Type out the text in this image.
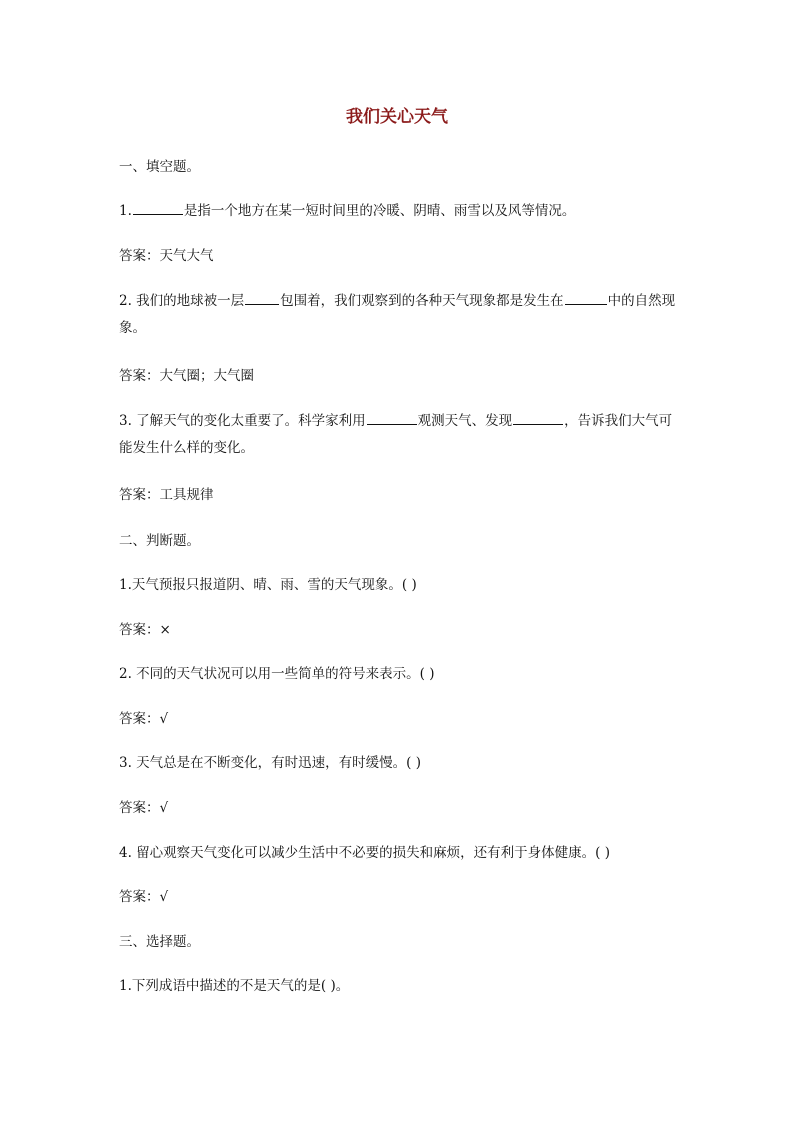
我们关心天气

一、填空题。

1.	是指一个地方在某一短时间里的冷暖、阴晴、雨雪以及风等情况。

答案：天气大气

2. 我们的地球被一层	包围着，我们观察到的各种天气现象都是发生在	中的自然现象。

答案：大气圈；大气圈

3. 了解天气的变化太重要了。科学家利用	观测天气、发现	，告诉我们大气可能发生什么样的变化。

答案：工具规律

二、判断题。

1.天气预报只报道阴、晴、雨、雪的天气现象。( )

答案：×

2. 不同的天气状况可以用一些简单的符号来表示。( )

答案：√

3. 天气总是在不断变化，有时迅速，有时缓慢。( )

答案：√

4. 留心观察天气变化可以减少生活中不必要的损失和麻烦，还有利于身体健康。( )

答案：√

三、选择题。

1.下列成语中描述的不是天气的是( )。
